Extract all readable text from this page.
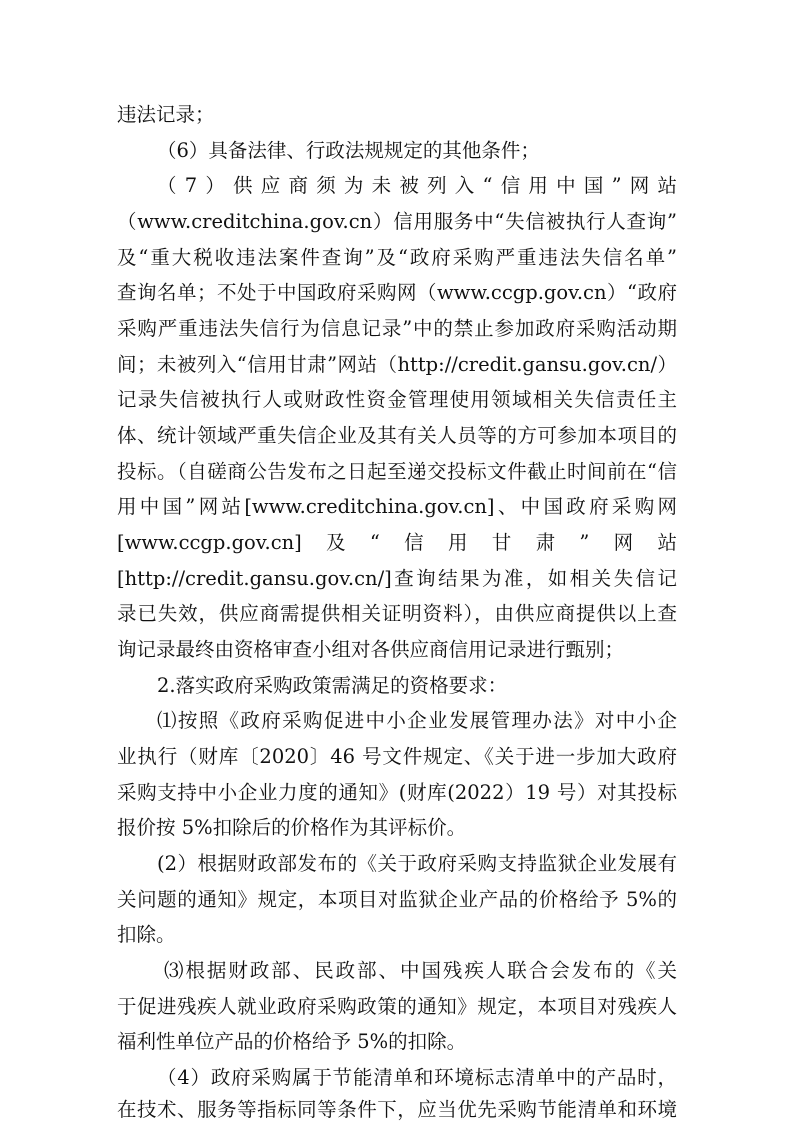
违法记录；
（6）具备法律、行政法规规定的其他条件；
（7）供应商须为未被列入“信用中国”网站
（www.creditchina.gov.cn）信用服务中“失信被执行人查询”
及“重大税收违法案件查询”及“政府采购严重违法失信名单”
查询名单；不处于中国政府采购网（www.ccgp.gov.cn）“政府
采购严重违法失信行为信息记录”中的禁止参加政府采购活动期
间；未被列入“信用甘肃”网站（http://credit.gansu.gov.cn/）
记录失信被执行人或财政性资金管理使用领域相关失信责任主
体、统计领域严重失信企业及其有关人员等的方可参加本项目的
投标。（自磋商公告发布之日起至递交投标文件截止时间前在“信
用中国”网站[www.creditchina.gov.cn]、中国政府采购网
[www.ccgp.gov.cn]　及　“　信　用　甘　肃　”　网　站
[http://credit.gansu.gov.cn/]查询结果为准，如相关失信记
录已失效，供应商需提供相关证明资料），由供应商提供以上查
询记录最终由资格审查小组对各供应商信用记录进行甄别；
2.落实政府采购政策需满足的资格要求：
⑴按照《政府采购促进中小企业发展管理办法》对中小企
业执行（财库〔2020〕46 号文件规定、《关于进一步加大政府
采购支持中小企业力度的通知》(财库(2022）19 号）对其投标
报价按 5%扣除后的价格作为其评标价。
(2）根据财政部发布的《关于政府采购支持监狱企业发展有
关问题的通知》规定，本项目对监狱企业产品的价格给予 5%的
扣除。
⑶根据财政部、民政部、中国残疾人联合会发布的《关
于促进残疾人就业政府采购政策的通知》规定，本项目对残疾人
福利性单位产品的价格给予 5%的扣除。
（4）政府采购属于节能清单和环境标志清单中的产品时，
在技术、服务等指标同等条件下，应当优先采购节能清单和环境
